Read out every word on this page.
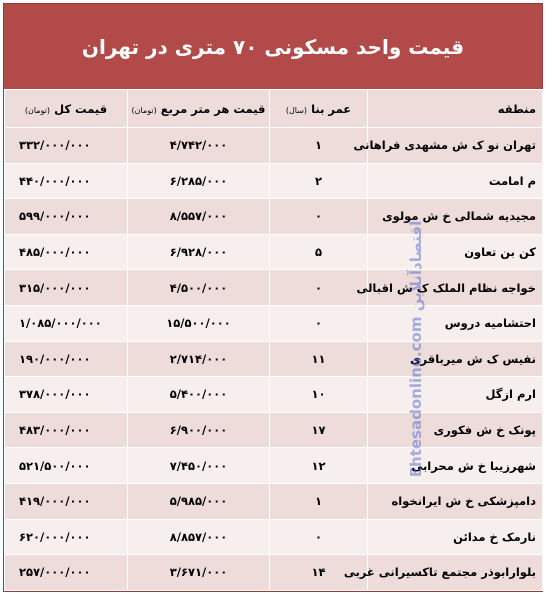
قیمت واحد مسکونی ۷۰ متری در تهران
منطقه	عمر بنا (سال)	قیمت هر متر مربع (تومان)	قیمت کل (تومان)
تهران نو ک ش مشهدی فراهانی	۱	۴/۷۴۲/۰۰۰	۳۳۲/۰۰۰/۰۰۰
م امامت	۲	۶/۲۸۵/۰۰۰	۴۴۰/۰۰۰/۰۰۰
مجیدیه شمالی خ ش مولوی	۰	۸/۵۵۷/۰۰۰	۵۹۹/۰۰۰/۰۰۰
کن بن تعاون	۵	۶/۹۲۸/۰۰۰	۴۸۵/۰۰۰/۰۰۰
خواجه نظام الملک ک ش اقبالی	۰	۴/۵۰۰/۰۰۰	۳۱۵/۰۰۰/۰۰۰
احتشامیه دروس	۰	۱۵/۵۰۰/۰۰۰	۱/۰۸۵/۰۰۰/۰۰۰
نفیس ک ش میرباقری	۱۱	۲/۷۱۴/۰۰۰	۱۹۰/۰۰۰/۰۰۰
ارم ازگل	۱۰	۵/۴۰۰/۰۰۰	۳۷۸/۰۰۰/۰۰۰
پونک خ ش فکوری	۱۷	۶/۹۰۰/۰۰۰	۴۸۳/۰۰۰/۰۰۰
شهرزیبا خ ش محرابی	۱۲	۷/۴۵۰/۰۰۰	۵۲۱/۵۰۰/۰۰۰
دامپزشکی خ ش ایرانخواه	۱	۵/۹۸۵/۰۰۰	۴۱۹/۰۰۰/۰۰۰
نارمک خ مدائن	۰	۸/۸۵۷/۰۰۰	۶۲۰/۰۰۰/۰۰۰
بلوارابوذر مجتمع تاکسیرانی غربی	۱۴	۳/۶۷۱/۰۰۰	۲۵۷/۰۰۰/۰۰۰
Ehtesadonline.com اقتصادآنلاین
